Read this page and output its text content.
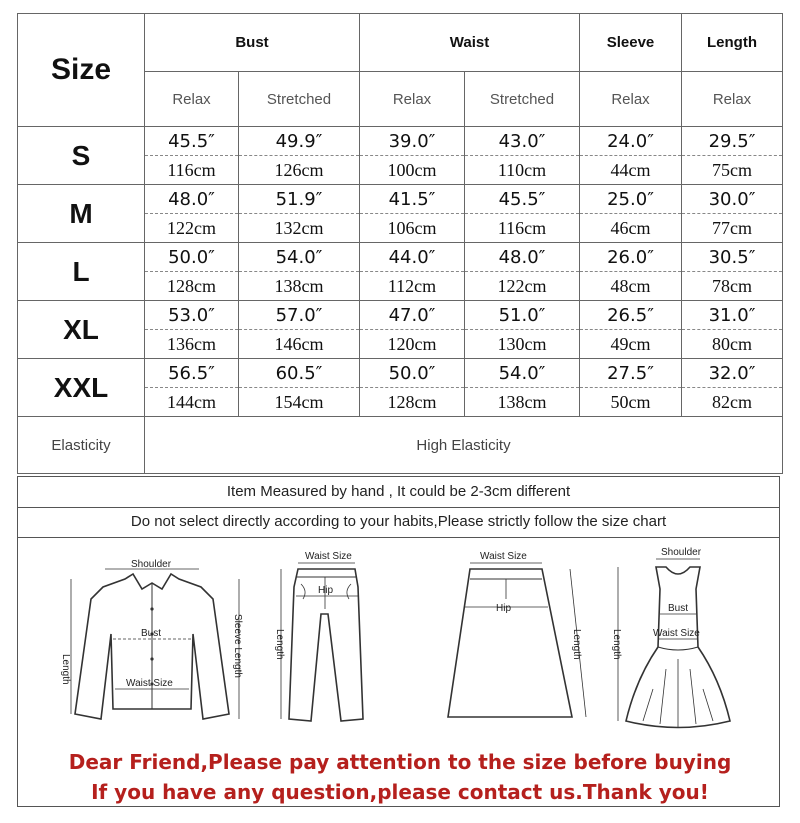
Size	Bust		Waist		Sleeve	Length
	Relax	Stretched	Relax	Stretched	Relax	Relax
S	45.5″	49.9″	39.0″	43.0″	24.0″	29.5″
	116cm	126cm	100cm	110cm	44cm	75cm
M	48.0″	51.9″	41.5″	45.5″	25.0″	30.0″
	122cm	132cm	106cm	116cm	46cm	77cm
L	50.0″	54.0″	44.0″	48.0″	26.0″	30.5″
	128cm	138cm	112cm	122cm	48cm	78cm
XL	53.0″	57.0″	47.0″	51.0″	26.5″	31.0″
	136cm	146cm	120cm	130cm	49cm	80cm
XXL	56.5″	60.5″	50.0″	54.0″	27.5″	32.0″
	144cm	154cm	128cm	138cm	50cm	82cm
Elasticity	High Elasticity					
Item Measured by hand , It could be 2-3cm different
Do not select directly according to your habits,Please strictly follow the size chart
Shoulder
Bust
Waist Size
Length	Sleeve Length
Waist Size
Hip
Length
Waist Size
Hip
Length
Shoulder
Bust
Waist Size
Length
Dear Friend,Please pay attention to the size before buying
If you have any question,please contact us.Thank you!
